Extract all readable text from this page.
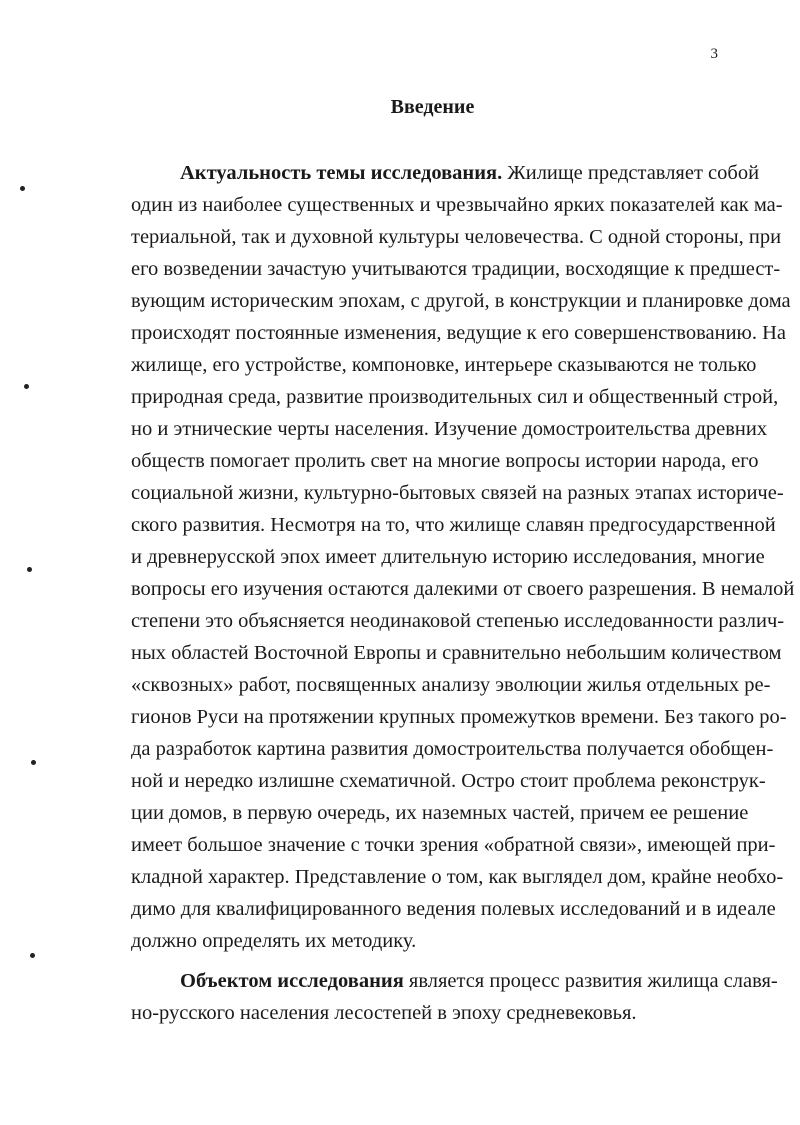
3
Введение
Актуальность темы исследования. Жилище представляет собой
один из наиболее существенных и чрезвычайно ярких показателей как ма-
териальной, так и духовной культуры человечества. С одной стороны, при
его возведении зачастую учитываются традиции, восходящие к предшест-
вующим историческим эпохам, с другой, в конструкции и планировке дома
происходят постоянные изменения, ведущие к его совершенствованию. На
жилище, его устройстве, компоновке, интерьере сказываются не только
природная среда, развитие производительных сил и общественный строй,
но и этнические черты населения. Изучение домостроительства древних
обществ помогает пролить свет на многие вопросы истории народа, его
социальной жизни, культурно-бытовых связей на разных этапах историче-
ского развития. Несмотря на то, что жилище славян предгосударственной
и древнерусской эпох имеет длительную историю исследования, многие
вопросы его изучения остаются далекими от своего разрешения. В немалой
степени это объясняется неодинаковой степенью исследованности различ-
ных областей Восточной Европы и сравнительно небольшим количеством
«сквозных» работ, посвященных анализу эволюции жилья отдельных ре-
гионов Руси на протяжении крупных промежутков времени. Без такого ро-
да разработок картина развития домостроительства получается обобщен-
ной и нередко излишне схематичной. Остро стоит проблема реконструк-
ции домов, в первую очередь, их наземных частей, причем ее решение
имеет большое значение с точки зрения «обратной связи», имеющей при-
кладной характер. Представление о том, как выглядел дом, крайне необхо-
димо для квалифицированного ведения полевых исследований и в идеале
должно определять их методику.
Объектом исследования является процесс развития жилища славя-
но-русского населения лесостепей в эпоху средневековья.
